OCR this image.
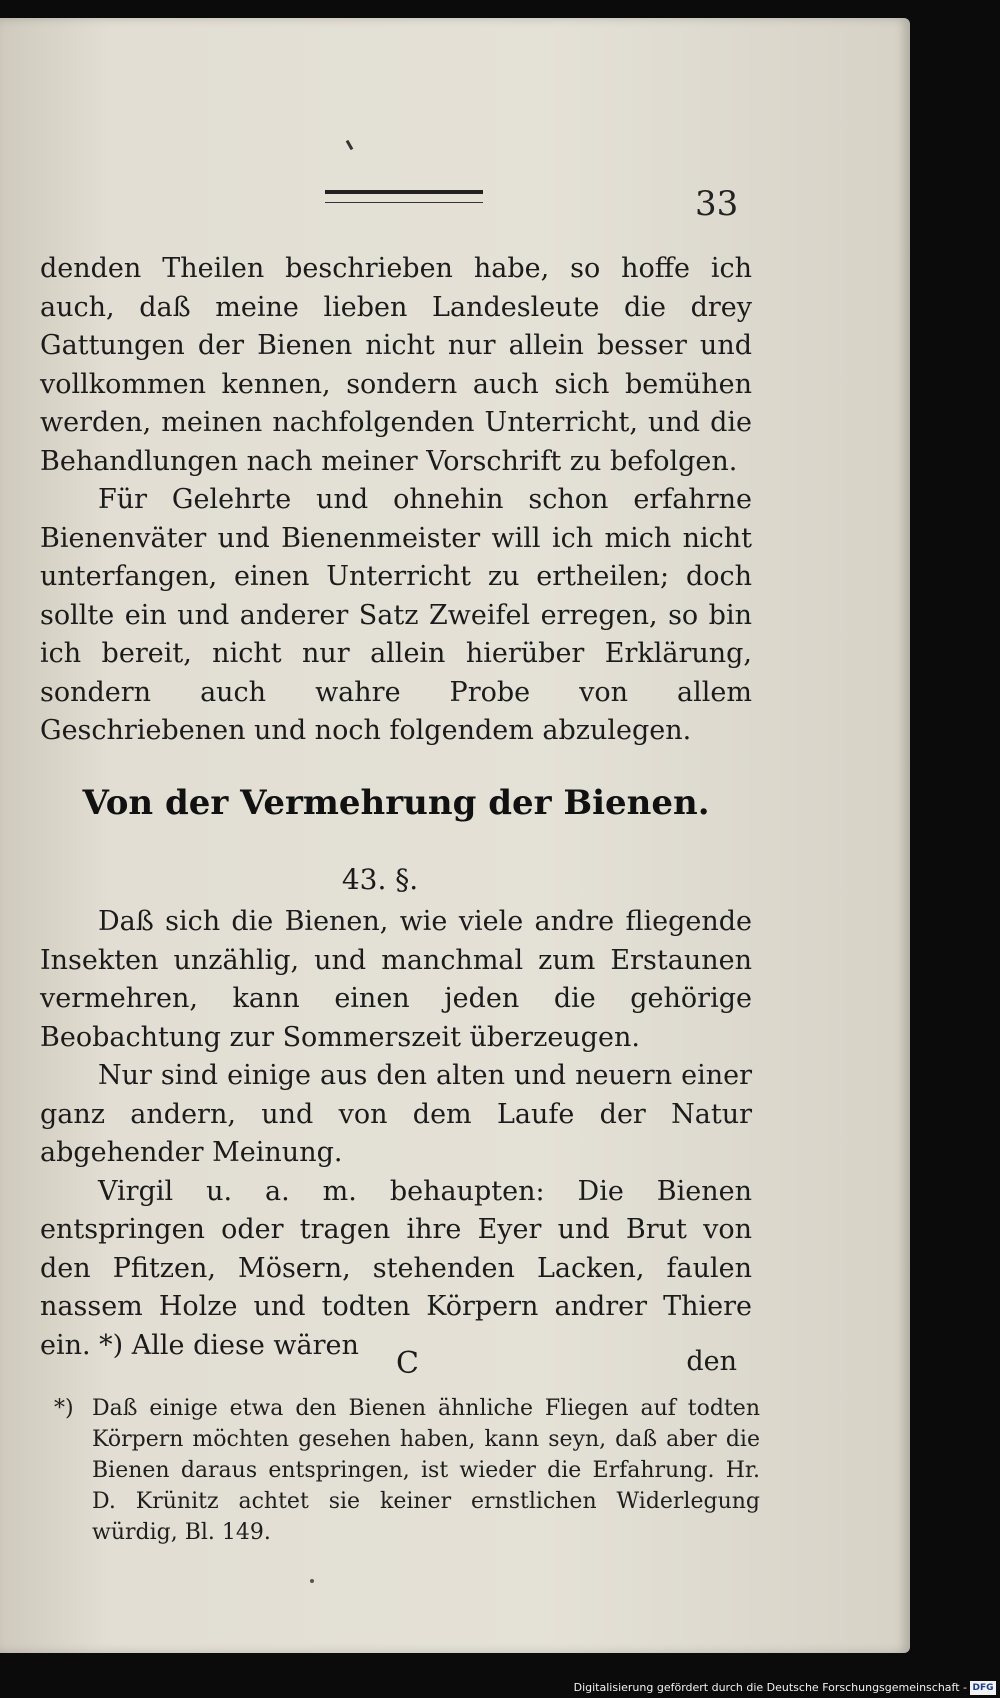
33

denden Theilen beschrieben habe, so hoffe ich auch, daß meine lieben Landesleute die drey Gattungen der Bienen nicht nur allein besser und vollkommen kennen, sondern auch sich bemühen werden, meinen nachfolgenden Unterricht, und die Behandlungen nach meiner Vorschrift zu befolgen.

Für Gelehrte und ohnehin schon erfahrne Bienenväter und Bienenmeister will ich mich nicht unterfangen, einen Unterricht zu ertheilen; doch sollte ein und anderer Satz Zweifel erregen, so bin ich bereit, nicht nur allein hierüber Erklärung, sondern auch wahre Probe von allem Geschriebenen und noch folgendem abzulegen.

Von der Vermehrung der Bienen.
43. §.

Daß sich die Bienen, wie viele andre fliegende Insekten unzählig, und manchmal zum Erstaunen vermehren, kann einen jeden die gehörige Beobachtung zur Sommerszeit überzeugen.

Nur sind einige aus den alten und neuern einer ganz andern, und von dem Laufe der Natur abgehender Meinung.

Virgil u. a. m. behaupten: Die Bienen entspringen oder tragen ihre Eyer und Brut von den Pfitzen, Mösern, stehenden Lacken, faulen nassem Holze und todten Körpern andrer Thiere ein. *) Alle diese wären

C	den
*) Daß einige etwa den Bienen ähnliche Fliegen auf todten Körpern möchten gesehen haben, kann seyn, daß aber die Bienen daraus entspringen, ist wieder die Erfahrung. Hr. D. Krünitz achtet sie keiner ernstlichen Widerlegung würdig, Bl. 149.

Digitalisierung gefördert durch die Deutsche Forschungsgemeinschaft - DFG
